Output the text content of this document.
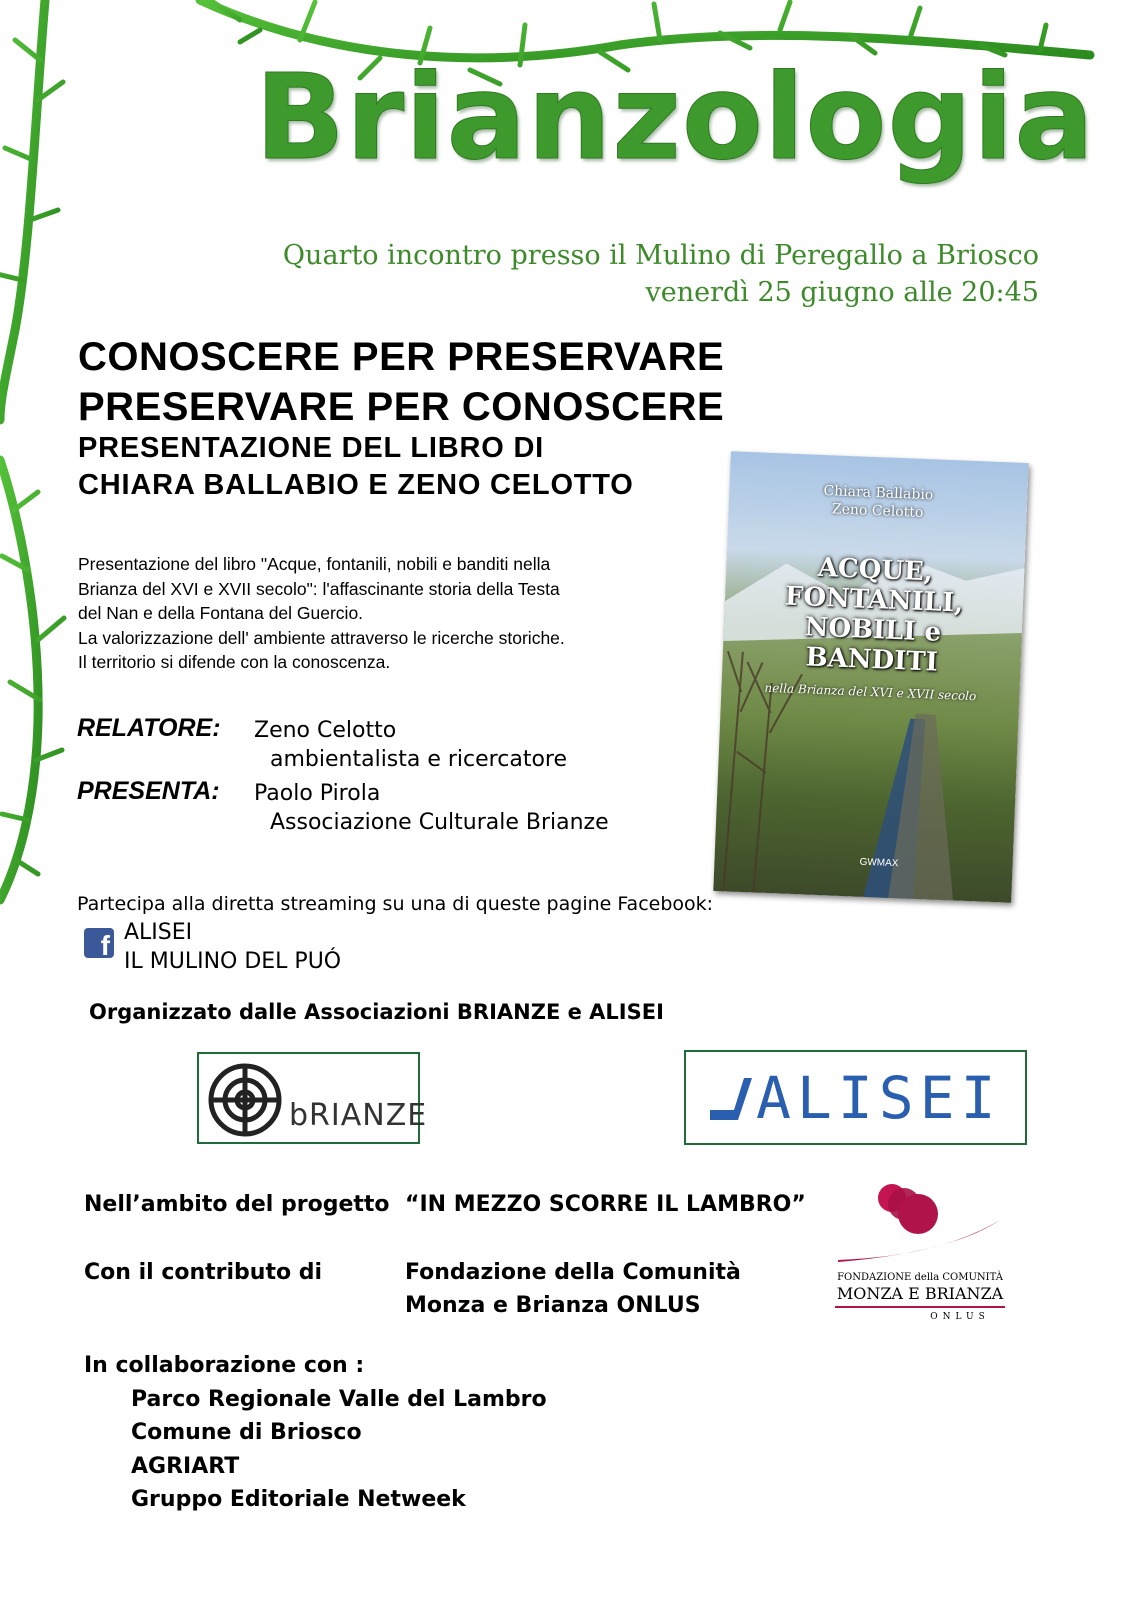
Brianzologia
Quarto incontro presso il Mulino di Peregallo a Briosco
venerdì 25 giugno alle 20:45
CONOSCERE PER PRESERVARE
PRESERVARE PER CONOSCERE
PRESENTAZIONE DEL LIBRO DI
CHIARA BALLABIO E ZENO CELOTTO
Presentazione del libro "Acque, fontanili, nobili e banditi nella
Brianza del XVI e XVII secolo": l'affascinante storia della Testa
del Nan e della Fontana del Guercio.
La valorizzazione dell' ambiente attraverso le ricerche storiche.
Il territorio si difende con la conoscenza.
RELATORE: Zeno Celotto
ambientalista e ricercatore
PRESENTA: Paolo Pirola
Associazione Culturale Brianze
Chiara Ballabio
Zeno Celotto
ACQUE,
FONTANILI,
NOBILI e
BANDITI
nella Brianza del XVI e XVII secolo
GWMAX
Partecipa alla diretta streaming su una di queste pagine Facebook:
f ALISEI
IL MULINO DEL PUÓ
Organizzato dalle Associazioni BRIANZE e ALISEI
bRIANZE	ALISEI
Nell’ambito del progetto “IN MEZZO SCORRE IL LAMBRO”
Con il contributo di	Fondazione della Comunità
Monza e Brianza ONLUS
FONDAZIONE della COMUNITÀ
MONZA E BRIANZA
ONLUS
In collaborazione con :
Parco Regionale Valle del Lambro
Comune di Briosco
AGRIART
Gruppo Editoriale Netweek
